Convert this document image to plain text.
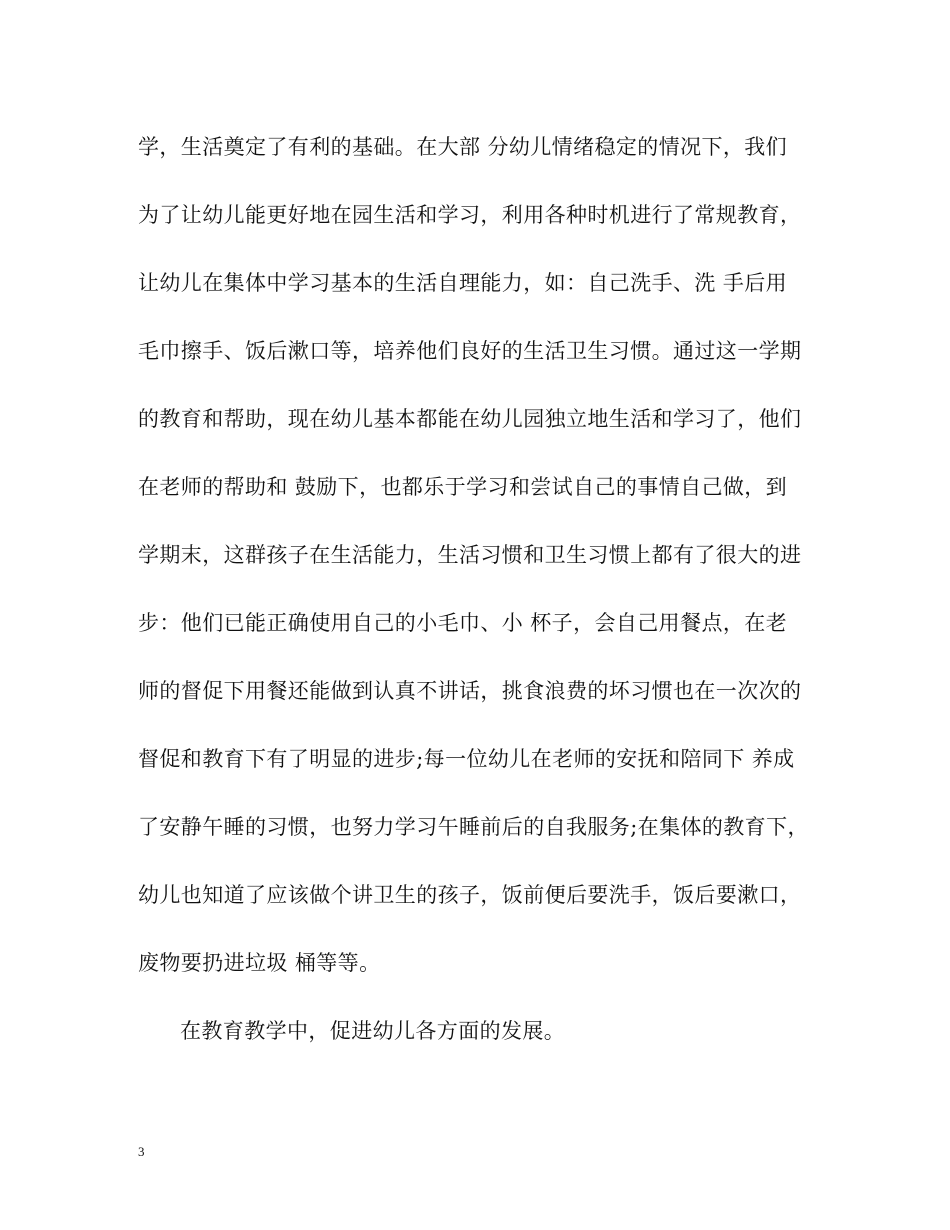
学，生活奠定了有利的基础。在大部 分幼儿情绪稳定的情况下，我们
为了让幼儿能更好地在园生活和学习，利用各种时机进行了常规教育，
让幼儿在集体中学习基本的生活自理能力，如：自己洗手、洗 手后用
毛巾擦手、饭后漱口等，培养他们良好的生活卫生习惯。通过这一学期
的教育和帮助，现在幼儿基本都能在幼儿园独立地生活和学习了，他们
在老师的帮助和 鼓励下，也都乐于学习和尝试自己的事情自己做，到
学期末，这群孩子在生活能力，生活习惯和卫生习惯上都有了很大的进
步：他们已能正确使用自己的小毛巾、小 杯子，会自己用餐点，在老
师的督促下用餐还能做到认真不讲话，挑食浪费的坏习惯也在一次次的
督促和教育下有了明显的进步;每一位幼儿在老师的安抚和陪同下 养成
了安静午睡的习惯，也努力学习午睡前后的自我服务;在集体的教育下，
幼儿也知道了应该做个讲卫生的孩子，饭前便后要洗手，饭后要漱口，
废物要扔进垃圾 桶等等。
在教育教学中，促进幼儿各方面的发展。
3
